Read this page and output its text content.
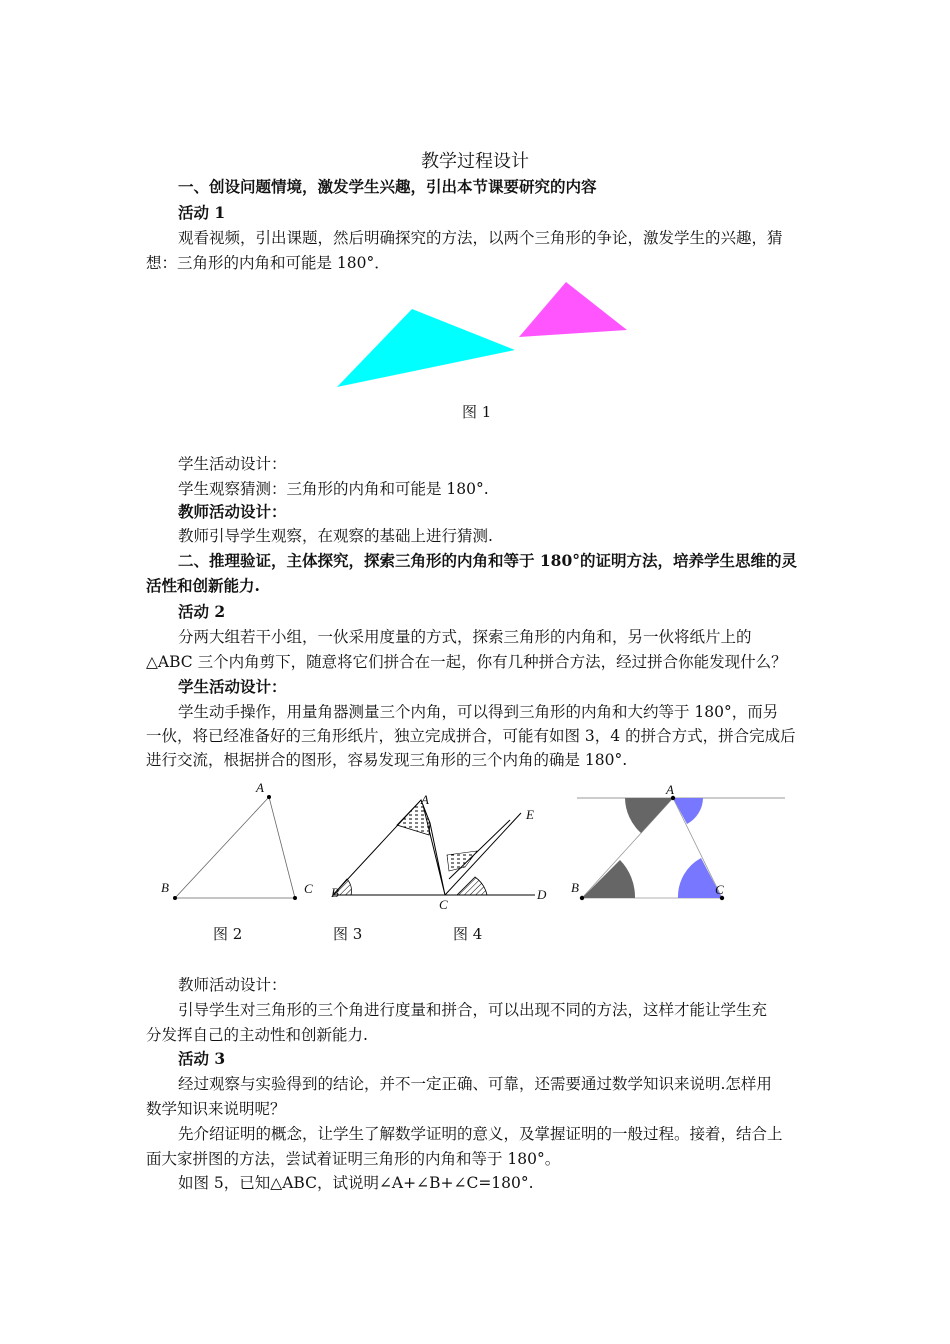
教学过程设计
一、创设问题情境，激发学生兴趣，引出本节课要研究的内容
活动 1
观看视频，引出课题，然后明确探究的方法，以两个三角形的争论，激发学生的兴趣，猜
想：三角形的内角和可能是 180°．
图 1
学生活动设计：
学生观察猜测：三角形的内角和可能是 180°.
教师活动设计：
教师引导学生观察，在观察的基础上进行猜测.
二、推理验证，主体探究，探索三角形的内角和等于 180°的证明方法，培养学生思维的灵
活性和创新能力.
活动 2
分两大组若干小组，一伙采用度量的方式，探索三角形的内角和，另一伙将纸片上的
△ABC 三个内角剪下，随意将它们拼合在一起，你有几种拼合方法，经过拼合你能发现什么？
学生活动设计：
学生动手操作，用量角器测量三个内角，可以得到三角形的内角和大约等于 180°，而另
一伙，将已经准备好的三角形纸片，独立完成拼合，可能有如图 3，4 的拼合方式，拼合完成后
进行交流，根据拼合的图形，容易发现三角形的三个内角的确是 180°.
A
B	C
A
B
C
D
E
A
B	C
图 2	图 3	图 4
教师活动设计：
引导学生对三角形的三个角进行度量和拼合，可以出现不同的方法，这样才能让学生充
分发挥自己的主动性和创新能力.
活动 3
经过观察与实验得到的结论，并不一定正确、可靠，还需要通过数学知识来说明.怎样用
数学知识来说明呢？
先介绍证明的概念，让学生了解数学证明的意义，及掌握证明的一般过程。接着，结合上
面大家拼图的方法，尝试着证明三角形的内角和等于 180°。
如图 5，已知△ABC，试说明∠A+∠B+∠C=180°.
